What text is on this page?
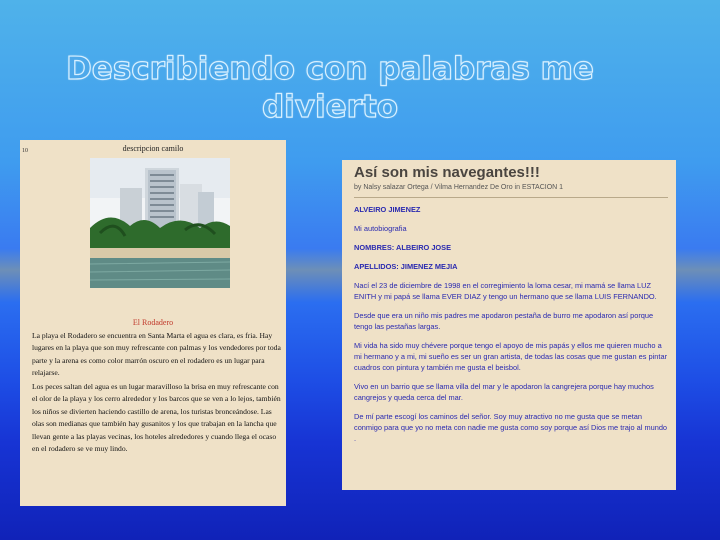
Describiendo con palabras me divierto
10	descripcion camilo
El Rodadero

La playa el Rodadero se encuentra en Santa Marta el agua es clara, es fria. Hay lugares en la playa que son muy refrescante con palmas y los vendedores por toda parte y la arena es como color marrón oscuro en el rodadero es un lugar para relajarse.

Los peces saltan del agua es un lugar maravilloso la brisa en muy refrescante con el olor de la playa y los cerro alrededor y los barcos que se ven a lo lejos, también los niños se divierten haciendo castillo de arena, los turistas bronceándose. Las olas son medianas que también hay gusanitos y los que trabajan en la lancha que llevan gente a las playas vecinas, los hoteles alrededores y cuando llega el ocaso en el rodadero se ve muy lindo.

Así son mis navegantes!!!
by Nalsy salazar Ortega / Vilma Hernandez De Oro in ESTACION 1

ALVEIRO JIMENEZ

Mi autobiografia

NOMBRES: ALBEIRO JOSE

APELLIDOS: JIMENEZ MEJIA

Nací el 23 de diciembre de 1998 en el corregimiento la loma cesar, mi mamá se llama LUZ ENITH y mi papá se llama EVER DIAZ y tengo un hermano que se llama LUIS FERNANDO.

Desde que era un niño mis padres me apodaron pestaña de burro me apodaron así porque tengo las pestañas largas.

Mi vida ha sido muy chévere porque tengo el apoyo de mis papás y ellos me quieren mucho a mi hermano y a mi, mi sueño es ser un gran artista, de todas las cosas que me gustan es pintar cuadros con pintura y también me gusta el beisbol.

Vivo en un barrio que se llama villa del mar y le apodaron la cangrejera porque hay muchos cangrejos y queda cerca del mar.

De mí parte escogí los caminos del señor. Soy muy atractivo no me gusta que se metan conmigo para que yo no meta con nadie me gusta como soy porque así Dios me trajo al mundo .
